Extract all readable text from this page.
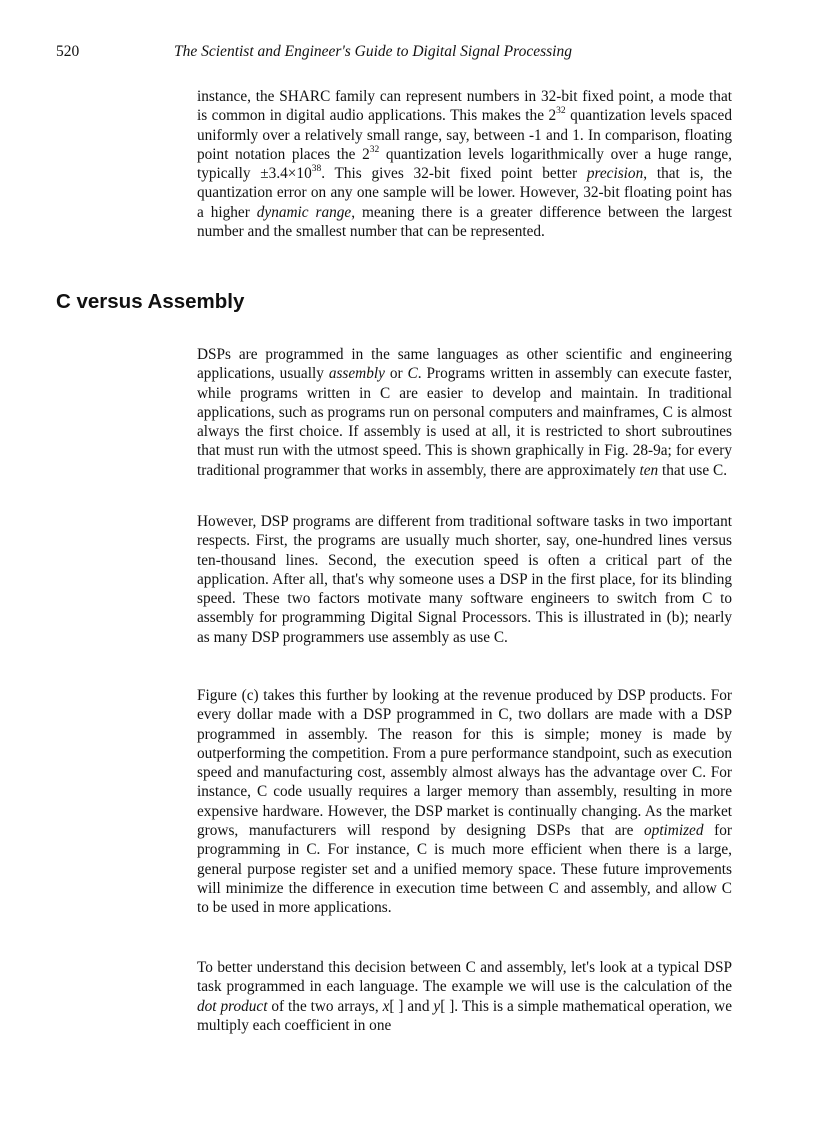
520	The Scientist and Engineer's Guide to Digital Signal Processing

instance, the SHARC family can represent numbers in 32-bit fixed point, a mode that is common in digital audio applications. This makes the $2^{32}$ quantization levels spaced uniformly over a relatively small range, say, between -1 and 1. In comparison, floating point notation places the $2^{32}$ quantization levels logarithmically over a huge range, typically $\pm 3.4\times 10^{38}$. This gives 32-bit fixed point better precision, that is, the quantization error on any one sample will be lower. However, 32-bit floating point has a higher dynamic range, meaning there is a greater difference between the largest number and the smallest number that can be represented.

C versus Assembly

DSPs are programmed in the same languages as other scientific and engineering applications, usually assembly or C. Programs written in assembly can execute faster, while programs written in C are easier to develop and maintain. In traditional applications, such as programs run on personal computers and mainframes, C is almost always the first choice. If assembly is used at all, it is restricted to short subroutines that must run with the utmost speed. This is shown graphically in Fig. 28-9a; for every traditional programmer that works in assembly, there are approximately ten that use C.

However, DSP programs are different from traditional software tasks in two important respects. First, the programs are usually much shorter, say, one-hundred lines versus ten-thousand lines. Second, the execution speed is often a critical part of the application. After all, that's why someone uses a DSP in the first place, for its blinding speed. These two factors motivate many software engineers to switch from C to assembly for programming Digital Signal Processors. This is illustrated in (b); nearly as many DSP programmers use assembly as use C.

Figure (c) takes this further by looking at the revenue produced by DSP products. For every dollar made with a DSP programmed in C, two dollars are made with a DSP programmed in assembly. The reason for this is simple; money is made by outperforming the competition. From a pure performance standpoint, such as execution speed and manufacturing cost, assembly almost always has the advantage over C. For instance, C code usually requires a larger memory than assembly, resulting in more expensive hardware. However, the DSP market is continually changing. As the market grows, manufacturers will respond by designing DSPs that are optimized for programming in C. For instance, C is much more efficient when there is a large, general purpose register set and a unified memory space. These future improvements will minimize the difference in execution time between C and assembly, and allow C to be used in more applications.

To better understand this decision between C and assembly, let's look at a typical DSP task programmed in each language. The example we will use is the calculation of the dot product of the two arrays, x[ ] and y[ ]. This is a simple mathematical operation, we multiply each coefficient in one
